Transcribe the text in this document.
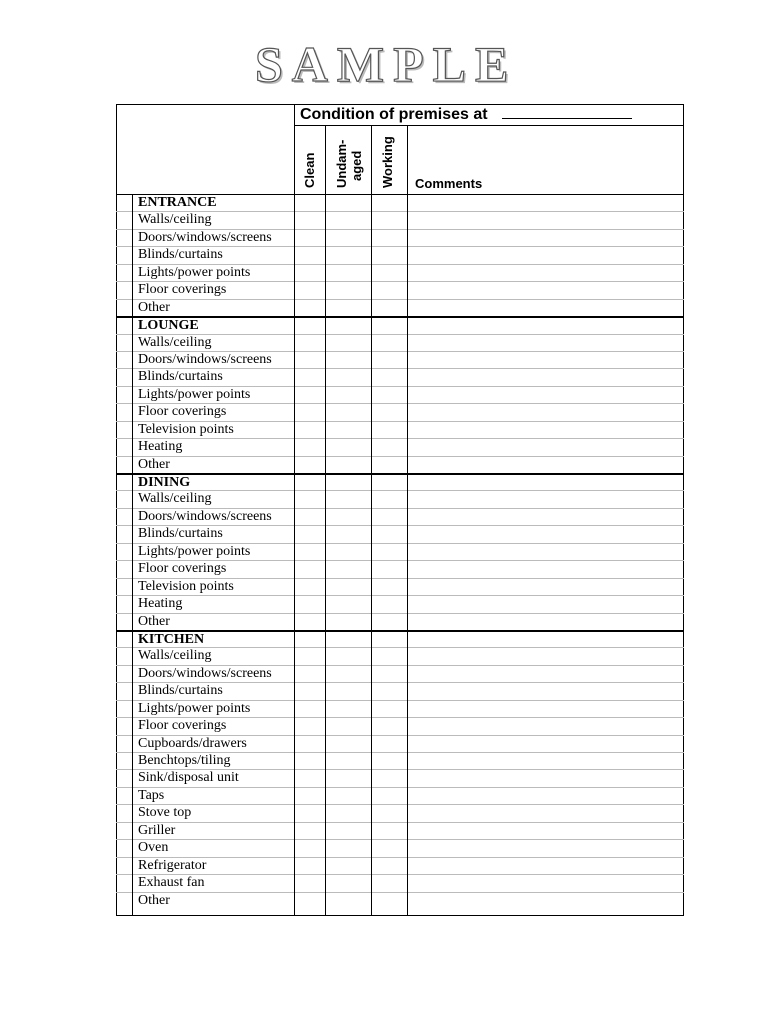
SAMPLE
Condition of premises at
Clean Undam- aged Working Comments
ENTRANCE
Walls/ceiling
Doors/windows/screens
Blinds/curtains
Lights/power points
Floor coverings
Other
LOUNGE
Walls/ceiling
Doors/windows/screens
Blinds/curtains
Lights/power points
Floor coverings
Television points
Heating
Other
DINING
Walls/ceiling
Doors/windows/screens
Blinds/curtains
Lights/power points
Floor coverings
Television points
Heating
Other
KITCHEN
Walls/ceiling
Doors/windows/screens
Blinds/curtains
Lights/power points
Floor coverings
Cupboards/drawers
Benchtops/tiling
Sink/disposal unit
Taps
Stove top
Griller
Oven
Refrigerator
Exhaust fan
Other
